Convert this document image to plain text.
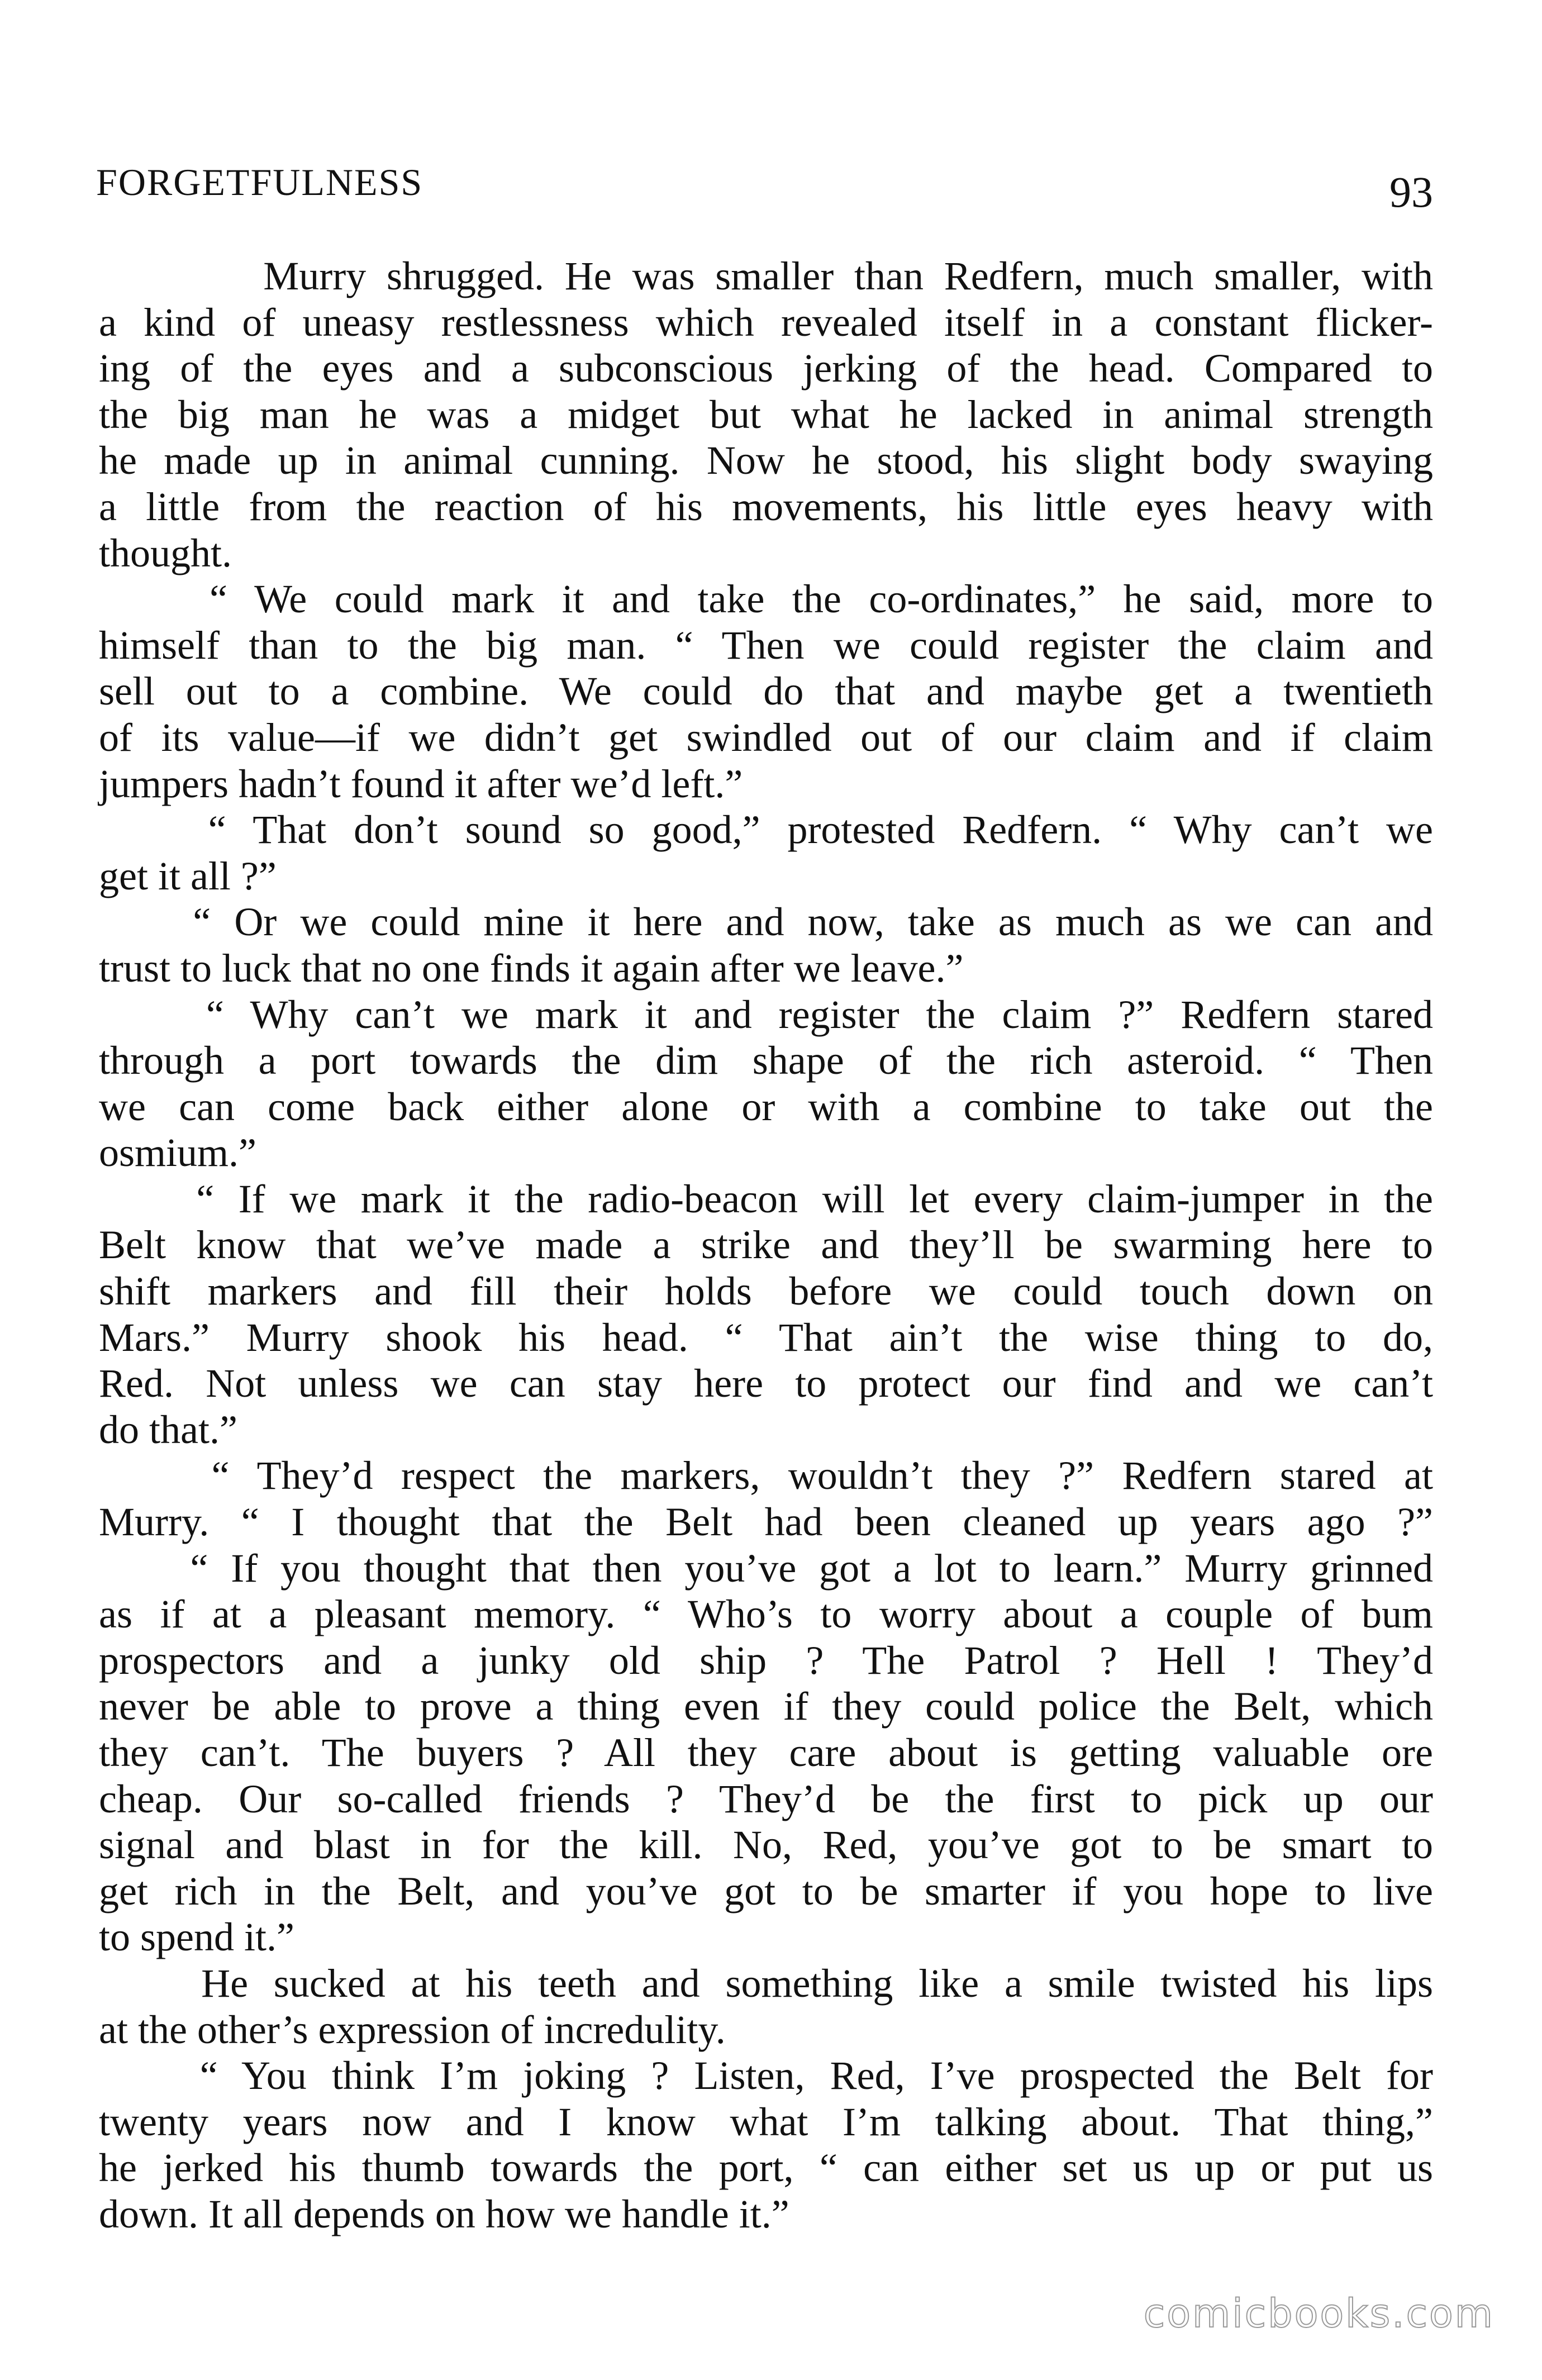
FORGETFULNESS	93
Murry shrugged. He was smaller than Redfern, much smaller, with
a kind of uneasy restlessness which revealed itself in a constant flicker-
ing of the eyes and a subconscious jerking of the head. Compared to
the big man he was a midget but what he lacked in animal strength
he made up in animal cunning. Now he stood, his slight body swaying
a little from the reaction of his movements, his little eyes heavy with
thought.
“ We could mark it and take the co-ordinates,” he said, more to
himself than to the big man. “ Then we could register the claim and
sell out to a combine. We could do that and maybe get a twentieth
of its value—if we didn’t get swindled out of our claim and if claim
jumpers hadn’t found it after we’d left.”
“ That don’t sound so good,” protested Redfern. “ Why can’t we
get it all ?”
“ Or we could mine it here and now, take as much as we can and
trust to luck that no one finds it again after we leave.”
“ Why can’t we mark it and register the claim ?” Redfern stared
through a port towards the dim shape of the rich asteroid. “ Then
we can come back either alone or with a combine to take out the
osmium.”
“ If we mark it the radio-beacon will let every claim-jumper in the
Belt know that we’ve made a strike and they’ll be swarming here to
shift markers and fill their holds before we could touch down on
Mars.” Murry shook his head. “ That ain’t the wise thing to do,
Red. Not unless we can stay here to protect our find and we can’t
do that.”
“ They’d respect the markers, wouldn’t they ?” Redfern stared at
Murry. “ I thought that the Belt had been cleaned up years ago ?”
“ If you thought that then you’ve got a lot to learn.” Murry grinned
as if at a pleasant memory. “ Who’s to worry about a couple of bum
prospectors and a junky old ship ? The Patrol ? Hell ! They’d
never be able to prove a thing even if they could police the Belt, which
they can’t. The buyers ? All they care about is getting valuable ore
cheap. Our so-called friends ? They’d be the first to pick up our
signal and blast in for the kill. No, Red, you’ve got to be smart to
get rich in the Belt, and you’ve got to be smarter if you hope to live
to spend it.”
He sucked at his teeth and something like a smile twisted his lips
at the other’s expression of incredulity.
“ You think I’m joking ? Listen, Red, I’ve prospected the Belt for
twenty years now and I know what I’m talking about. That thing,”
he jerked his thumb towards the port, “ can either set us up or put us
down. It all depends on how we handle it.”
comicbooks.com
